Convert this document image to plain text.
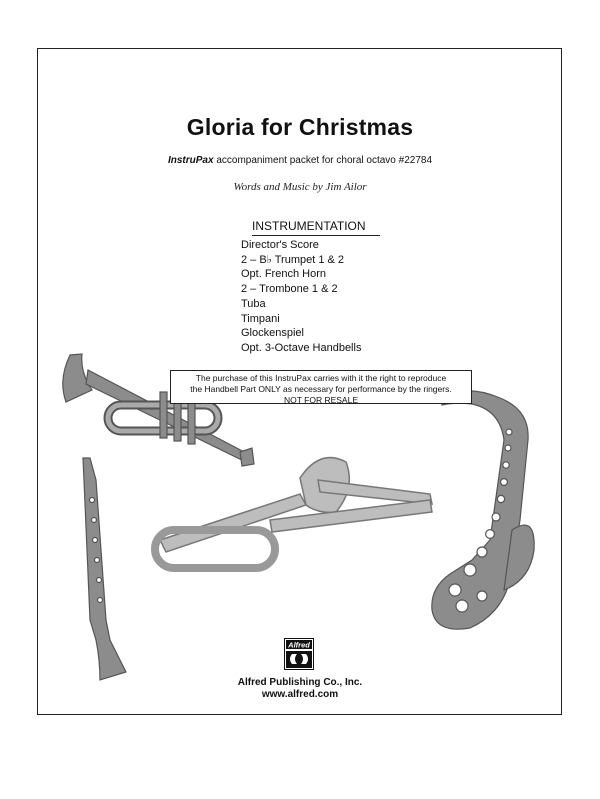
Gloria for Christmas
InstruPax accompaniment packet for choral octavo #22784
Words and Music by Jim Ailor
INSTRUMENTATION
Director's Score
2 – B♭ Trumpet 1 & 2
Opt. French Horn
2 – Trombone 1 & 2
Tuba
Timpani
Glockenspiel
Opt. 3-Octave Handbells
The purchase of this InstruPax carries with it the right to reproduce
the Handbell Part ONLY as necessary for performance by the ringers.
NOT FOR RESALE
Alfred
Alfred Publishing Co., Inc.
www.alfred.com
